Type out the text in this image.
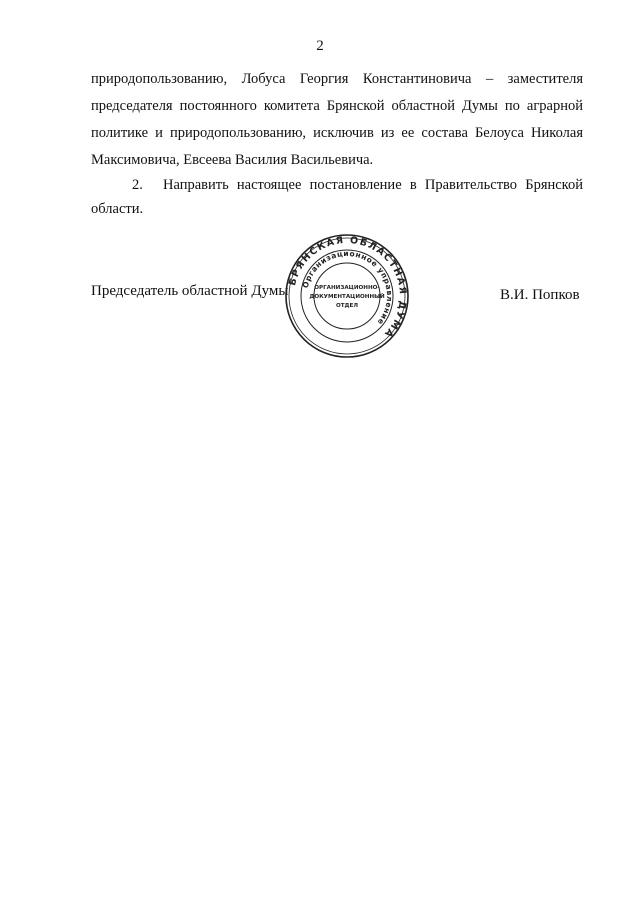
2
природопользованию, Лобуса Георгия Константиновича – заместителя
председателя постоянного комитета Брянской областной Думы по аграрной
политике и природопользованию, исключив из ее состава Белоуса Николая
Максимовича, Евсеева Василия Васильевича.
2. Направить настоящее постановление в Правительство Брянской
области.
Председатель областной Думы
БРЯНСКАЯ ОБЛАСТНАЯ ДУМА
Организационное управление
ОРГАНИЗАЦИОННО-
ДОКУМЕНТАЦИОННЫЙ
ОТДЕЛ
В.И. Попков
